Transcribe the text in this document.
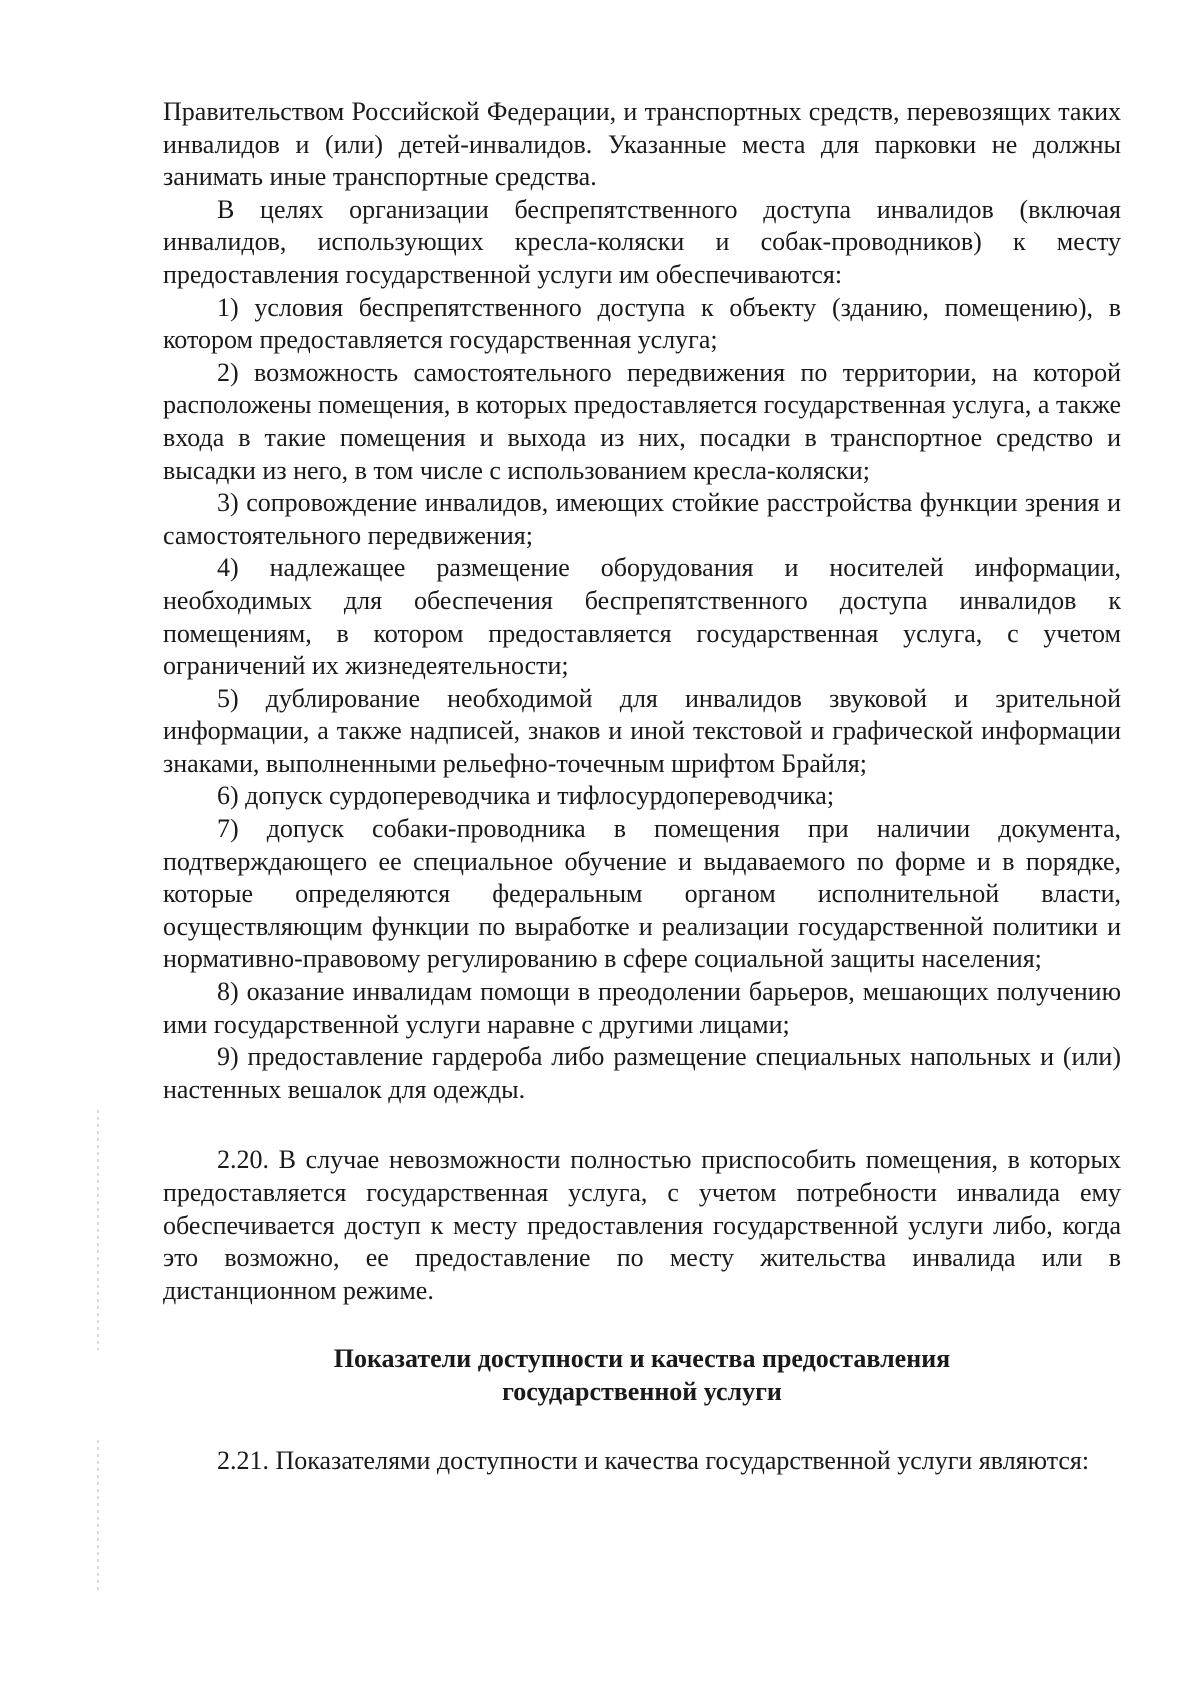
Правительством Российской Федерации, и транспортных средств, перевозящих таких инвалидов и (или) детей-инвалидов. Указанные места для парковки не должны занимать иные транспортные средства.

В целях организации беспрепятственного доступа инвалидов (включая инвалидов, использующих кресла-коляски и собак-проводников) к месту предоставления государственной услуги им обеспечиваются:

1) условия беспрепятственного доступа к объекту (зданию, помещению), в котором предоставляется государственная услуга;

2) возможность самостоятельного передвижения по территории, на которой расположены помещения, в которых предоставляется государственная услуга, а также входа в такие помещения и выхода из них, посадки в транспортное средство и высадки из него, в том числе с использованием кресла-коляски;

3) сопровождение инвалидов, имеющих стойкие расстройства функции зрения и самостоятельного передвижения;

4) надлежащее размещение оборудования и носителей информации, необходимых для обеспечения беспрепятственного доступа инвалидов к помещениям, в котором предоставляется государственная услуга, с учетом ограничений их жизнедеятельности;

5) дублирование необходимой для инвалидов звуковой и зрительной информации, а также надписей, знаков и иной текстовой и графической информации знаками, выполненными рельефно-точечным шрифтом Брайля;

6) допуск сурдопереводчика и тифлосурдопереводчика;

7) допуск собаки-проводника в помещения при наличии документа, подтверждающего ее специальное обучение и выдаваемого по форме и в порядке, которые определяются федеральным органом исполнительной власти, осуществляющим функции по выработке и реализации государственной политики и нормативно-правовому регулированию в сфере социальной защиты населения;

8) оказание инвалидам помощи в преодолении барьеров, мешающих получению ими государственной услуги наравне с другими лицами;

9) предоставление гардероба либо размещение специальных напольных и (или) настенных вешалок для одежды.

2.20. В случае невозможности полностью приспособить помещения, в которых предоставляется государственная услуга, с учетом потребности инвалида ему обеспечивается доступ к месту предоставления государственной услуги либо, когда это возможно, ее предоставление по месту жительства инвалида или в дистанционном режиме.

Показатели доступности и качества предоставления

государственной услуги

2.21. Показателями доступности и качества государственной услуги являются:
